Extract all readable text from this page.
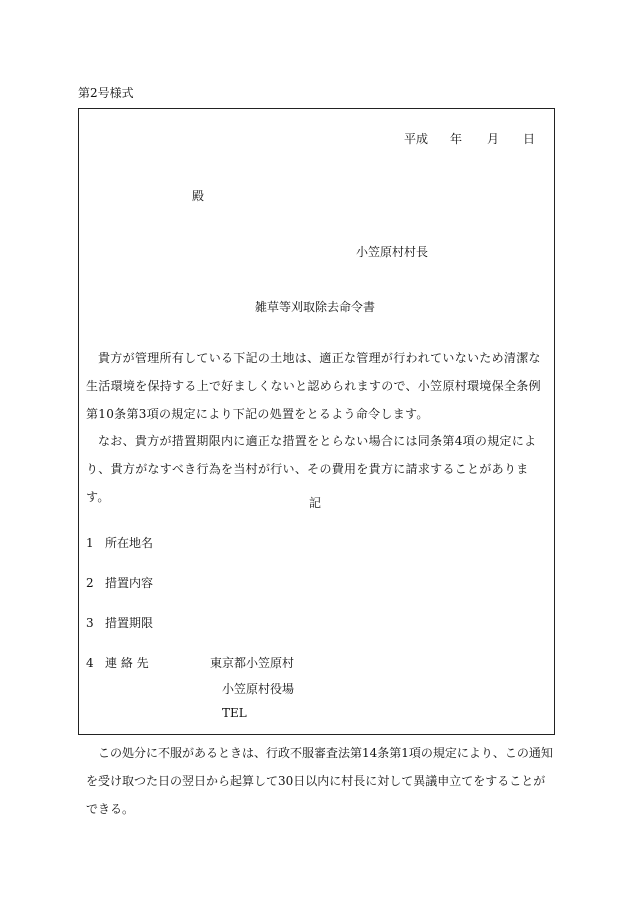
第2号様式
平成 年 月 日
殿
小笠原村村長
雑草等刈取除去命令書

貴方が管理所有している下記の土地は、適正な管理が行われていないため清潔な生活環境を保持する上で好ましくないと認められますので、小笠原村環境保全条例第10条第3項の規定により下記の処置をとるよう命令します。

なお、貴方が措置期限内に適正な措置をとらない場合には同条第4項の規定により、貴方がなすべき行為を当村が行い、その費用を貴方に請求することがあります。	記
1 所在地名
2 措置内容
3 措置期限
4 連 絡 先	東京都小笠原村
小笠原村役場
TEL

この処分に不服があるときは、行政不服審査法第14条第1項の規定により、この通知を受け取つた日の翌日から起算して30日以内に村長に対して異議申立てをすることができる。
